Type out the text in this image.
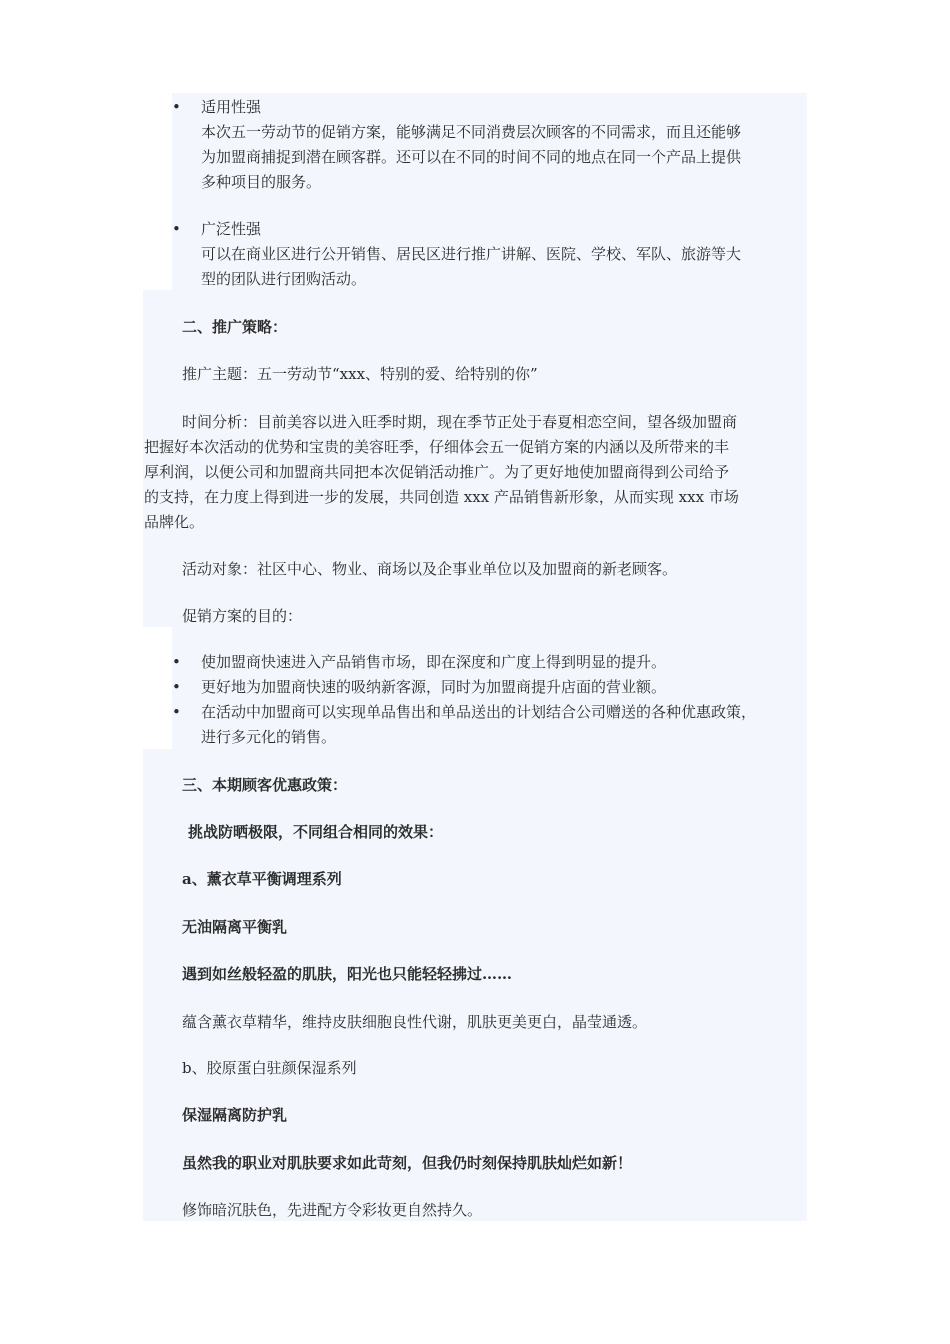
•
适用性强
本次五一劳动节的促销方案，能够满足不同消费层次顾客的不同需求，而且还能够
为加盟商捕捉到潜在顾客群。还可以在不同的时间不同的地点在同一个产品上提供
多种项目的服务。
•
广泛性强
可以在商业区进行公开销售、居民区进行推广讲解、医院、学校、军队、旅游等大
型的团队进行团购活动。
二、推广策略：
推广主题：五一劳动节“xxx、特别的爱、给特别的你”
时间分析：目前美容以进入旺季时期，现在季节正处于春夏相恋空间，望各级加盟商
把握好本次活动的优势和宝贵的美容旺季，仔细体会五一促销方案的内涵以及所带来的丰
厚利润，以便公司和加盟商共同把本次促销活动推广。为了更好地使加盟商得到公司给予
的支持，在力度上得到进一步的发展，共同创造 xxx 产品销售新形象，从而实现 xxx 市场
品牌化。
活动对象：社区中心、物业、商场以及企事业单位以及加盟商的新老顾客。
促销方案的目的：
•
使加盟商快速进入产品销售市场，即在深度和广度上得到明显的提升。
•
更好地为加盟商快速的吸纳新客源，同时为加盟商提升店面的营业额。
•
在活动中加盟商可以实现单品售出和单品送出的计划结合公司赠送的各种优惠政策，
进行多元化的销售。
三、本期顾客优惠政策：
挑战防晒极限，不同组合相同的效果：
a、薰衣草平衡调理系列
无油隔离平衡乳
遇到如丝般轻盈的肌肤，阳光也只能轻轻拂过……
蕴含薰衣草精华，维持皮肤细胞良性代谢，肌肤更美更白，晶莹通透。
b、胶原蛋白驻颜保湿系列
保湿隔离防护乳
虽然我的职业对肌肤要求如此苛刻，但我仍时刻保持肌肤灿烂如新！
修饰暗沉肤色，先进配方令彩妆更自然持久。
